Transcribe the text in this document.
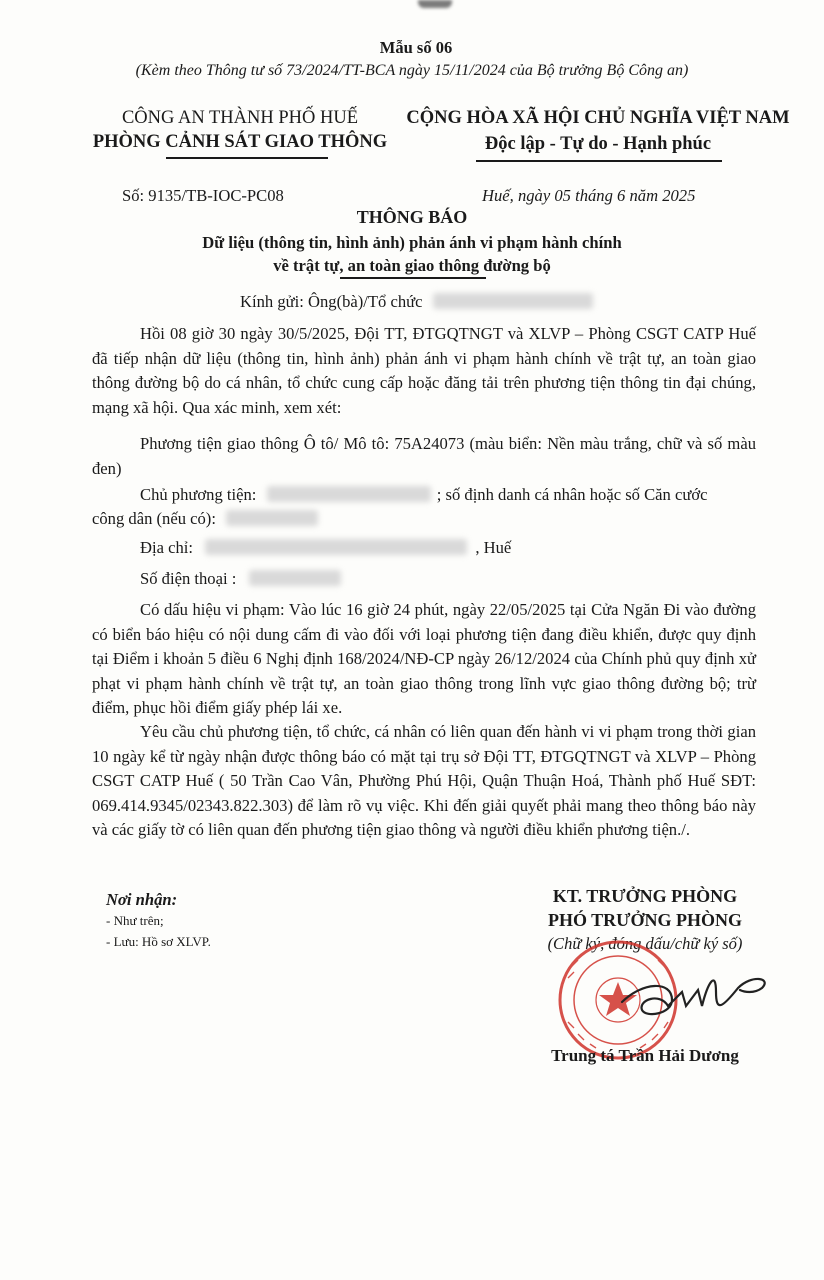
Mẫu số 06
(Kèm theo Thông tư số 73/2024/TT-BCA ngày 15/11/2024 của Bộ trưởng Bộ Công an)
CÔNG AN THÀNH PHỐ HUẾ
PHÒNG CẢNH SÁT GIAO THÔNG
CỘNG HÒA XÃ HỘI CHỦ NGHĨA VIỆT NAM
Độc lập - Tự do - Hạnh phúc
Số: 9135/TB-IOC-PC08	Huế, ngày 05 tháng 6 năm 2025
THÔNG BÁO
Dữ liệu (thông tin, hình ảnh) phản ánh vi phạm hành chính
về trật tự, an toàn giao thông đường bộ
Kính gửi: Ông(bà)/Tổ chức
Hồi 08 giờ 30 ngày 30/5/2025, Đội TT, ĐTGQTNGT và XLVP – Phòng CSGT CATP Huế đã tiếp nhận dữ liệu (thông tin, hình ảnh) phản ánh vi phạm hành chính về trật tự, an toàn giao thông đường bộ do cá nhân, tổ chức cung cấp hoặc đăng tải trên phương tiện thông tin đại chúng, mạng xã hội. Qua xác minh, xem xét:
Phương tiện giao thông Ô tô/ Mô tô: 75A24073 (màu biển: Nền màu trắng, chữ và số màu đen)
Chủ phương tiện:	; số định danh cá nhân hoặc số Căn cước
công dân (nếu có):
Địa chỉ:	, Huế
Số điện thoại :
Có dấu hiệu vi phạm: Vào lúc 16 giờ 24 phút, ngày 22/05/2025 tại Cửa Ngăn Đi vào đường có biển báo hiệu có nội dung cấm đi vào đối với loại phương tiện đang điều khiển, được quy định tại Điểm i khoản 5 điều 6 Nghị định 168/2024/NĐ-CP ngày 26/12/2024 của Chính phủ quy định xử phạt vi phạm hành chính về trật tự, an toàn giao thông trong lĩnh vực giao thông đường bộ; trừ điểm, phục hồi điểm giấy phép lái xe.
Yêu cầu chủ phương tiện, tổ chức, cá nhân có liên quan đến hành vi vi phạm trong thời gian 10 ngày kể từ ngày nhận được thông báo có mặt tại trụ sở Đội TT, ĐTGQTNGT và XLVP – Phòng CSGT CATP Huế ( 50 Trần Cao Vân, Phường Phú Hội, Quận Thuận Hoá, Thành phố Huế SĐT: 069.414.9345/02343.822.303) để làm rõ vụ việc. Khi đến giải quyết phải mang theo thông báo này và các giấy tờ có liên quan đến phương tiện giao thông và người điều khiển phương tiện./.
Nơi nhận:
- Như trên;
- Lưu: Hồ sơ XLVP.
KT. TRƯỞNG PHÒNG
PHÓ TRƯỞNG PHÒNG
(Chữ ký, đóng dấu/chữ ký số)
Trung tá Trần Hải Dương
